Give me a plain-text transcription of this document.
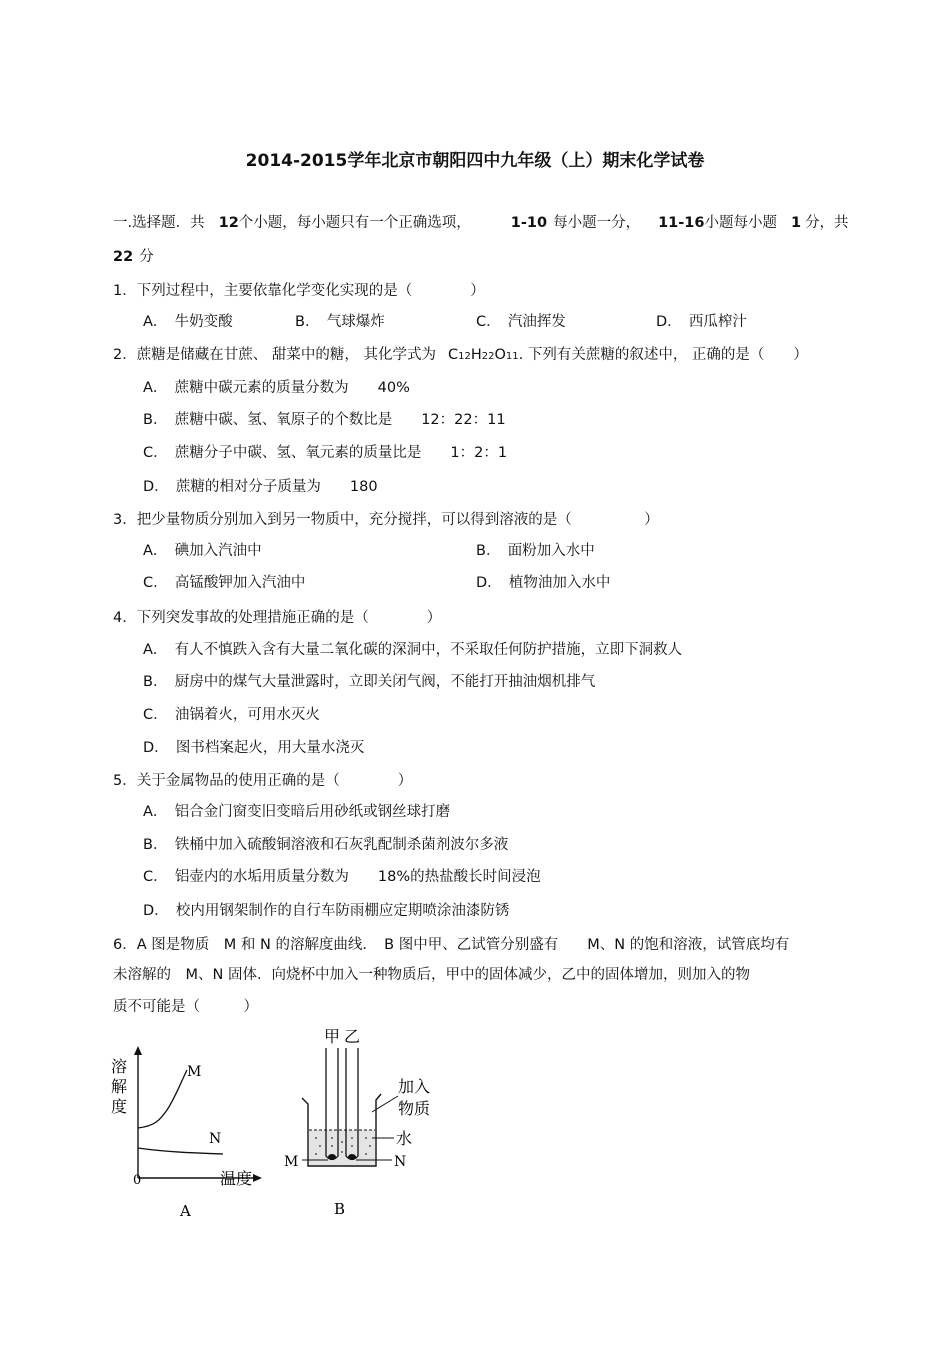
2014-2015学年北京市朝阳四中九年级（上）期末化学试卷
一.选择题．共 12个小题，每小题只有一个正确选项，	1-10 每小题一分， 11-16小题每小题 1 分，共
22 分
1．下列过程中，主要依靠化学变化实现的是（　　　　）
A．　牛奶变酸	B．　气球爆炸	C．　汽油挥发	D．　西瓜榨汁
2．蔗糖是储藏在甘蔗、 甜菜中的糖， 其化学式为 C12H22O11. 下列有关蔗糖的叙述中， 正确的是（　　）
A．　蔗糖中碳元素的质量分数为　　40%
B．　蔗糖中碳、氢、氧原子的个数比是　　12：22：11
C．　蔗糖分子中碳、氢、氧元素的质量比是　　1：2：1
D．　蔗糖的相对分子质量为　　180
3．把少量物质分别加入到另一物质中，充分搅拌，可以得到溶液的是（　　　　　）
A．　碘加入汽油中	B．　面粉加入水中
C．　高锰酸钾加入汽油中	D．　植物油加入水中
4．下列突发事故的处理措施正确的是（　　　　）
A．　有人不慎跌入含有大量二氧化碳的深洞中，不采取任何防护措施，立即下洞救人
B．　厨房中的煤气大量泄露时，立即关闭气阀，不能打开抽油烟机排气
C．　油锅着火，可用水灭火
D．　图书档案起火，用大量水浇灭
5．关于金属物品的使用正确的是（　　　　）
A．　铝合金门窗变旧变暗后用砂纸或钢丝球打磨
B．　铁桶中加入硫酸铜溶液和石灰乳配制杀菌剂波尔多液
C．　铝壶内的水垢用质量分数为　　18%的热盐酸长时间浸泡
D．　校内用钢架制作的自行车防雨棚应定期喷涂油漆防锈
6．A 图是物质　M 和 N 的溶解度曲线．　B 图中甲、乙试管分别盛有　　M、N 的饱和溶液，试管底均有
未溶解的　M、N 固体．向烧杯中加入一种物质后，甲中的固体减少，乙中的固体增加，则加入的物
质不可能是（　　　）
溶
解
度
M
N
0	温度
A
甲 乙
加入
物质
水
M	N
B
